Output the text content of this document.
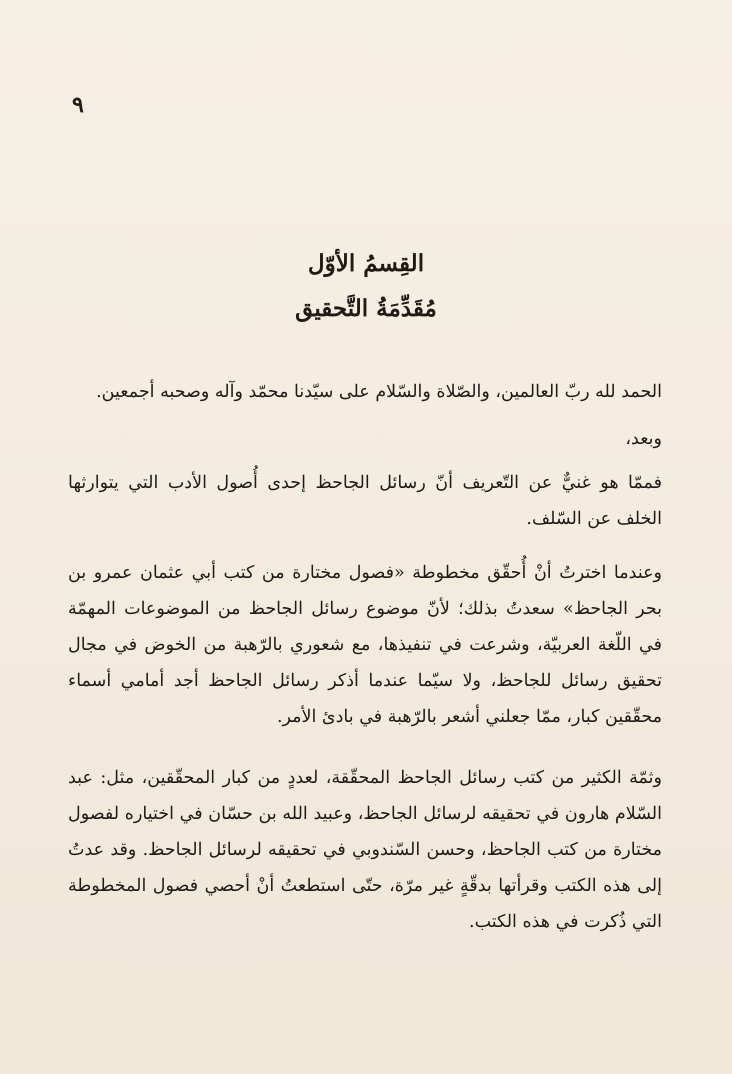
٩
القِسمُ الأوّل
مُقَدِّمَةُ التَّحقيق

الحمد لله ربّ العالمين، والصّلاة والسّلام على سيّدنا محمّد وآله وصحبه أجمعين.

وبعد،

فممّا هو غنيٌّ عن التّعريف أنّ رسائل الجاحظ إحدى أُصول الأدب التي يتوارثها الخلف عن السّلف.

وعندما اخترتُ أنْ أُحقّق مخطوطة «فصول مختارة من كتب أبي عثمان عمرو بن بحر الجاحظ» سعدتُ بذلك؛ لأنّ موضوع رسائل الجاحظ من الموضوعات المهمّة في اللّغة العربيّة، وشرعت في تنفيذها، مع شعوري بالرّهبة من الخوض في مجال تحقيق رسائل للجاحظ، ولا سيّما عندما أذكر رسائل الجاحظ أجد أمامي أسماء محقّقين كبار، ممّا جعلني أشعر بالرّهبة في بادئ الأمر.

وثمّة الكثير من كتب رسائل الجاحظ المحقّقة، لعددٍ من كبار المحقّقين، مثل: عبد السّلام هارون في تحقيقه لرسائل الجاحظ، وعبيد الله بن حسّان في اختياره لفصول مختارة من كتب الجاحظ، وحسن السّندوبي في تحقيقه لرسائل الجاحظ. وقد عدتُ إلى هذه الكتب وقرأتها بدقّةٍ غير مرّة، حتّى استطعتُ أنْ أحصي فصول المخطوطة التي ذُكرت في هذه الكتب.
